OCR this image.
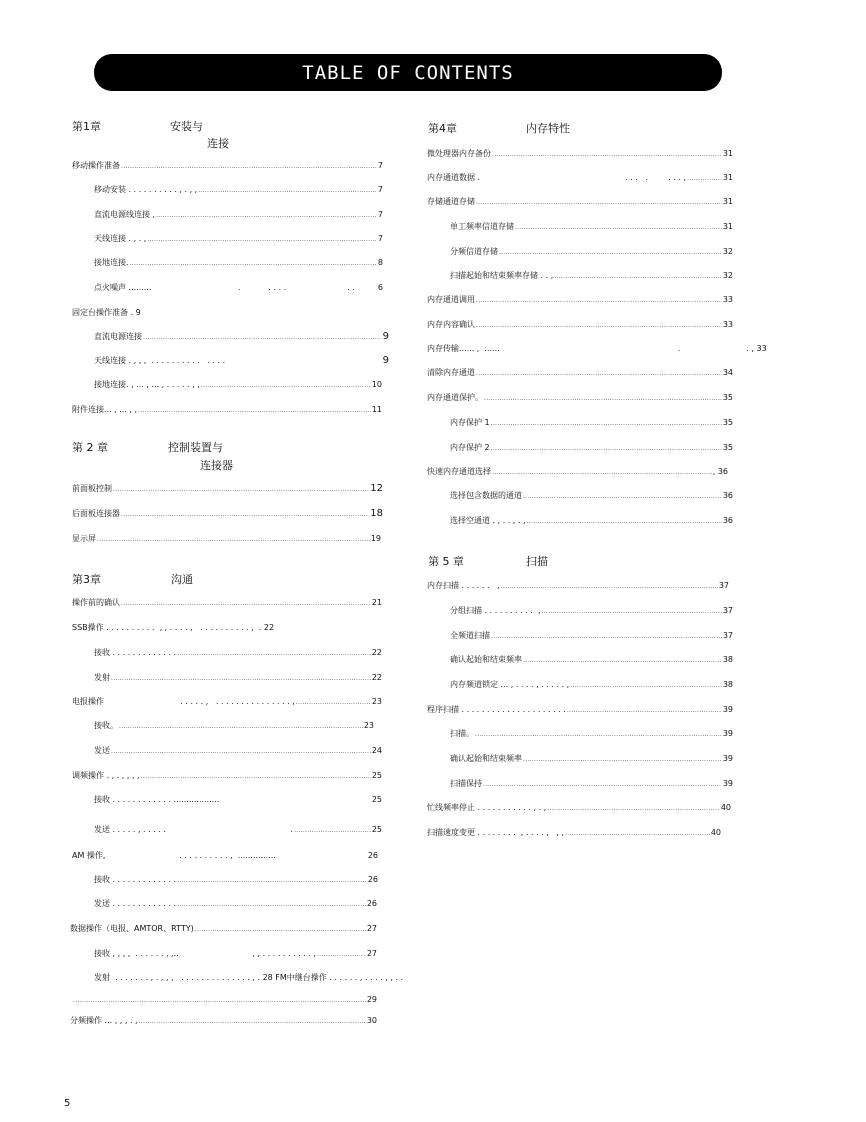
TABLE OF CONTENTS
第1章	安装与
连接
移动操作准备 .....	7
移动安装 . . . . . . . . . . , . , , .....	7
直流电源线连接 , .....	7
天线连接 . , . , .....	7
接地连接. .....	8
点火噪声 .........                                  .           . . . .                        . .	6
固定台操作准备 . 9
直流电源连接 .....	9
天线连接 . , , ,  . . . . . . . . . .   . . . .	9
接地连接. , ... , ... , . . . . . , , .....	10
附件连接... , ... , , .....	11
第 2 章	控制装置与
连接器
前面板控制 .....	12
后面板连接器 .....	18
显示屏 .....	19
第3章	沟通
操作前的确认 .....	21
SSB操作 . . . . . . . . . .  , , . . . . ,   . . . . . . . . . . ,  . 22
接收 . . . . . . . . . . . . . .....	22
发射 .....	22
电报操作                              . . . . . ,   . . . . . . . . . . . . . . . , .....	23
接收。 .....	23
发送 .....	24
调频操作 . , . , , , , .....	25
接收 . . . . . . . . . . . . ..................	25
发送 . . . . . , . . . . .                                                 . .....	25
AM 操作,                             . . . . . . . . . . ,  ...............	26
接收 . . . . . . . . . . . . . .....	26
发送 . . . . . . . . . . . . . .....	26
数据操作（电报、AMTOR、RTTY) .....	27
接收 , , , ,  . . . . . . , ,..                             , , . . . . . . . . . . , .....	27
发射  . . . . . . . , . , , ,   . . . . . . . . . . . . . . , . 28 FM中继台操作 . . . . . . , . . . . , , . .
.....
29
分频操作 ... , , , . , .....	30
第4章	内存特性
微处理器内存备份 .....	31
内存通道数据 .                                                         . . .   .        . . . , .....	31
存储通道存储 .....	31
单工频率信道存储 .....	31
分频信道存储 .....	32
扫描起始和结束频率存储 . . , .....	32
内存通道调用 .....	33
内存内容确认 .....	33
内存传输...... ,  ......                                                                      .                          . , 33
清除内存通道 .....	34
内存通道保护。 .....	35
内存保护 1 .....	35
内存保护 2 .....	35
快速内存通道选择 .....	, 36
选择包含数据的通道 .....	36
选择空通道 . , . . , . , .....	36
第 5 章	扫描
内存扫描 . . . . . .   , .....	37
分组扫描 . . . . . . . . . .  , .....	37
全频道扫描 .....	37
确认起始和结束频率 .....	38
内存频道锁定 ... , . . . . , . . . . . , .....	38
程序扫描 . . . . . . . . . . . . . . . . . . . . . .....	39
扫描。 .....	39
确认起始和结束频率 .....	39
扫描保持 .....	39
忙线频率停止 . . . . . . . . . . . , . , .....	40
扫描速度变更 . . . . . . . .  , . . . . ,   , , .....	40
5
